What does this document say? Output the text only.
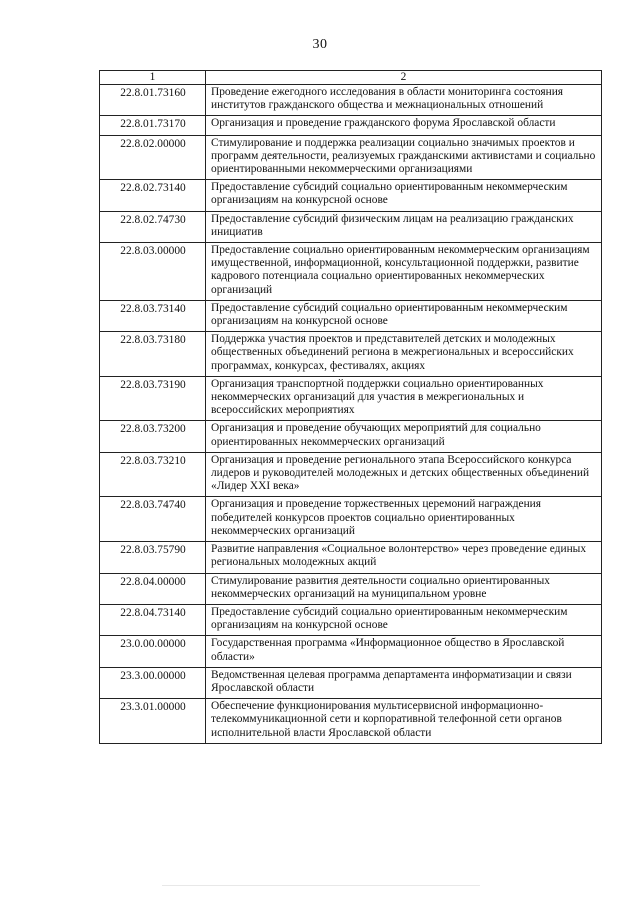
30
1	2
22.8.01.73160	Проведение ежегодного исследования в области мониторинга состояния институтов гражданского общества и межнациональных отношений
22.8.01.73170	Организация и проведение гражданского форума Ярославской области
22.8.02.00000	Стимулирование и поддержка реализации социально значимых проектов и программ деятельности, реализуемых гражданскими активистами и социально ориентированными некоммерческими организациями
22.8.02.73140	Предоставление субсидий социально ориентированным некоммерческим организациям на конкурсной основе
22.8.02.74730	Предоставление субсидий физическим лицам на реализацию гражданских инициатив
22.8.03.00000	Предоставление социально ориентированным некоммерческим организациям имущественной, информационной, консультационной поддержки, развитие кадрового потенциала социально ориентированных некоммерческих организаций
22.8.03.73140	Предоставление субсидий социально ориентированным некоммерческим организациям на конкурсной основе
22.8.03.73180	Поддержка участия проектов и представителей детских и молодежных общественных объединений региона в межрегиональных и всероссийских программах, конкурсах, фестивалях, акциях
22.8.03.73190	Организация транспортной поддержки социально ориентированных некоммерческих организаций для участия в межрегиональных и всероссийских мероприятиях
22.8.03.73200	Организация и проведение обучающих мероприятий для социально ориентированных некоммерческих организаций
22.8.03.73210	Организация и проведение регионального этапа Всероссийского конкурса лидеров и руководителей молодежных и детских общественных объединений «Лидер XXI века»
22.8.03.74740	Организация и проведение торжественных церемоний награждения победителей конкурсов проектов социально ориентированных некоммерческих организаций
22.8.03.75790	Развитие направления «Социальное волонтерство» через проведение единых региональных молодежных акций
22.8.04.00000	Стимулирование развития деятельности социально ориентированных некоммерческих организаций на муниципальном уровне
22.8.04.73140	Предоставление субсидий социально ориентированным некоммерческим организациям на конкурсной основе
23.0.00.00000	Государственная программа «Информационное общество в Ярославской области»
23.3.00.00000	Ведомственная целевая программа департамента информатизации и связи Ярославской области
23.3.01.00000	Обеспечение функционирования мультисервисной информационно-телекоммуникационной сети и корпоративной телефонной сети органов исполнительной власти Ярославской области
